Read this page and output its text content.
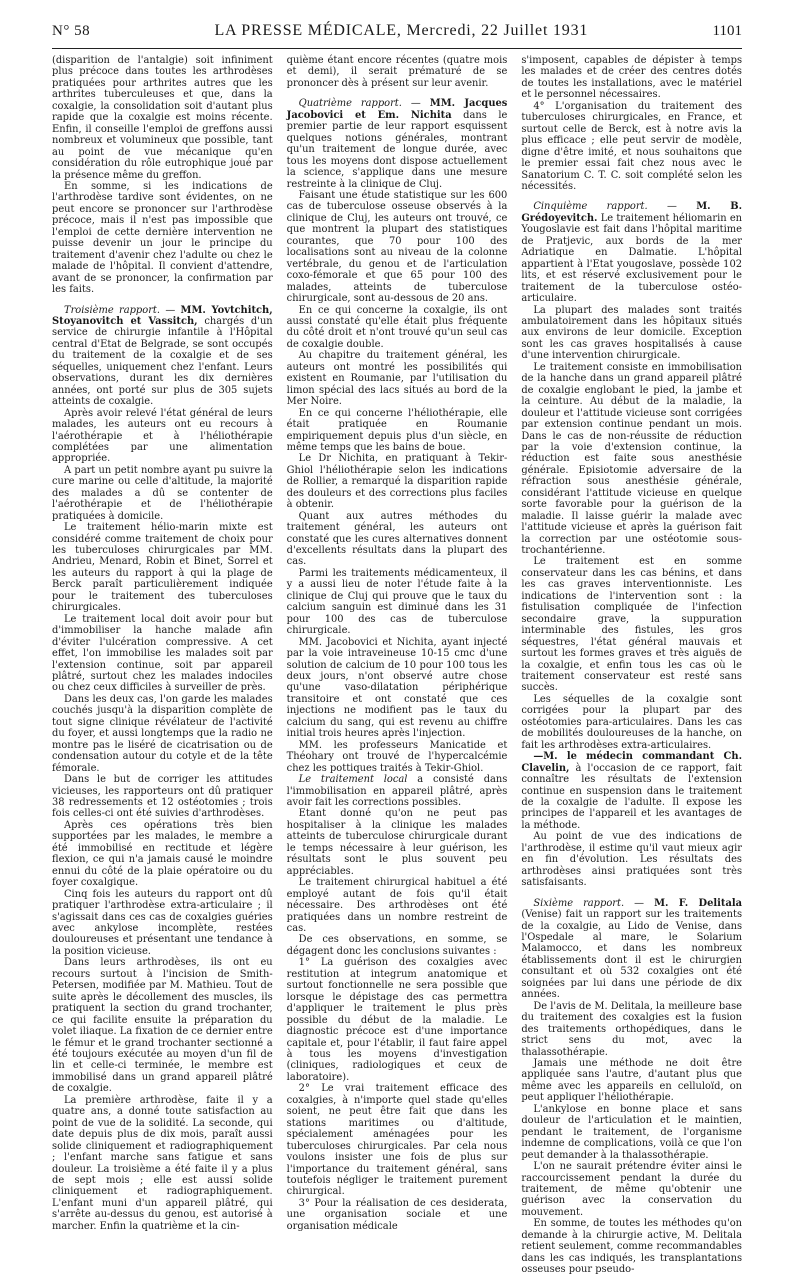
N° 58	LA PRESSE MÉDICALE, Mercredi, 22 Juillet 1931	1101

(disparition de l'antalgie) soit infiniment plus précoce dans toutes les arthrodèses pratiquées pour arthrites autres que les arthrites tuberculeuses et que, dans la coxalgie, la consolidation soit d'autant plus rapide que la coxalgie est moins récente. Enfin, il conseille l'emploi de greffons aussi nombreux et volumineux que possible, tant au point de vue mécanique qu'en considération du rôle eutrophique joué par la présence même du greffon.

En somme, si les indications de l'arthrodèse tardive sont évidentes, on ne peut encore se prononcer sur l'arthrodèse précoce, mais il n'est pas impossible que l'emploi de cette dernière intervention ne puisse devenir un jour le principe du traitement d'avenir chez l'adulte ou chez le malade de l'hôpital. Il convient d'attendre, avant de se prononcer, la confirmation par les faits.

Troisième rapport. — MM. Yovtchitch, Stoyanovitch et Vassitch, chargés d'un service de chirurgie infantile à l'Hôpital central d'Etat de Belgrade, se sont occupés du traitement de la coxalgie et de ses séquelles, uniquement chez l'enfant. Leurs observations, durant les dix dernières années, ont porté sur plus de 305 sujets atteints de coxalgie.

Après avoir relevé l'état général de leurs malades, les auteurs ont eu recours à l'aérothérapie et à l'héliothérapie complétées par une alimentation appropriée.

A part un petit nombre ayant pu suivre la cure marine ou celle d'altitude, la majorité des malades a dû se contenter de l'aérothérapie et de l'héliothérapie pratiquées à domicile.

Le traitement hélio-marin mixte est considéré comme traitement de choix pour les tuberculoses chirurgicales par MM. Andrieu, Menard, Robin et Binet, Sorrel et les auteurs du rapport à qui la plage de Berck paraît particulièrement indiquée pour le traitement des tuberculoses chirurgicales.

Le traitement local doit avoir pour but d'immobiliser la hanche malade afin d'éviter l'ulcération compressive. A cet effet, l'on immobilise les malades soit par l'extension continue, soit par appareil plâtré, surtout chez les malades indociles ou chez ceux difficiles à surveiller de près.

Dans les deux cas, l'on garde les malades couchés jusqu'à la disparition complète de tout signe clinique révélateur de l'activité du foyer, et aussi longtemps que la radio ne montre pas le liséré de cicatrisation ou de condensation autour du cotyle et de la tête fémorale.

Dans le but de corriger les attitudes vicieuses, les rapporteurs ont dû pratiquer 38 redressements et 12 ostéotomies ; trois fois celles-ci ont été suivies d'arthrodèses.

Après ces opérations très bien supportées par les malades, le membre a été immobilisé en rectitude et légère flexion, ce qui n'a jamais causé le moindre ennui du côté de la plaie opératoire ou du foyer coxalgique.

Cinq fois les auteurs du rapport ont dû pratiquer l'arthrodèse extra-articulaire ; il s'agissait dans ces cas de coxalgies guéries avec ankylose incomplète, restées douloureuses et présentant une tendance à la position vicieuse.

Dans leurs arthrodèses, ils ont eu recours surtout à l'incision de Smith-Petersen, modifiée par M. Mathieu. Tout de suite après le décollement des muscles, ils pratiquent la section du grand trochanter, ce qui facilite ensuite la préparation du volet iliaque. La fixation de ce dernier entre le fémur et le grand trochanter sectionné a été toujours exécutée au moyen d'un fil de lin et celle-ci terminée, le membre est immobilisé dans un grand appareil plâtré de coxalgie.

La première arthrodèse, faite il y a quatre ans, a donné toute satisfaction au point de vue de la solidité. La seconde, qui date depuis plus de dix mois, paraît aussi solide cliniquement et radiographiquement ; l'enfant marche sans fatigue et sans douleur. La troisième a été faite il y a plus de sept mois ; elle est aussi solide cliniquement et radiographiquement. L'enfant muni d'un appareil plâtré, qui s'arrête au-dessus du genou, est autorisé à marcher. Enfin la quatrième et la cin-

quième étant encore récentes (quatre mois et demi), il serait prématuré de se prononcer dès à présent sur leur avenir.

Quatrième rapport. — MM. Jacques Jacobovici et Em. Nichita dans le premier partie de leur rapport esquissent quelques notions générales, montrant qu'un traitement de longue durée, avec tous les moyens dont dispose actuellement la science, s'applique dans une mesure restreinte à la clinique de Cluj.

Faisant une étude statistique sur les 600 cas de tuberculose osseuse observés à la clinique de Cluj, les auteurs ont trouvé, ce que montrent la plupart des statistiques courantes, que 70 pour 100 des localisations sont au niveau de la colonne vertébrale, du genou et de l'articulation coxo-fémorale et que 65 pour 100 des malades, atteints de tuberculose chirurgicale, sont au-dessous de 20 ans.

En ce qui concerne la coxalgie, ils ont aussi constaté qu'elle était plus fréquente du côté droit et n'ont trouvé qu'un seul cas de coxalgie double.

Au chapitre du traitement général, les auteurs ont montré les possibilités qui existent en Roumanie, par l'utilisation du limon spécial des lacs situés au bord de la Mer Noire.

En ce qui concerne l'héliothérapie, elle était pratiquée en Roumanie empiriquement depuis plus d'un siècle, en même temps que les bains de boue.

Le Dr Nichita, en pratiquant à Tekir-Ghiol l'héliothérapie selon les indications de Rollier, a remarqué la disparition rapide des douleurs et des corrections plus faciles à obtenir.

Quant aux autres méthodes du traitement général, les auteurs ont constaté que les cures alternatives donnent d'excellents résultats dans la plupart des cas.

Parmi les traitements médicamenteux, il y a aussi lieu de noter l'étude faite à la clinique de Cluj qui prouve que le taux du calcium sanguin est diminué dans les 31 pour 100 des cas de tuberculose chirurgicale.

MM. Jacobovici et Nichita, ayant injecté par la voie intraveineuse 10-15 cmc d'une solution de calcium de 10 pour 100 tous les deux jours, n'ont observé autre chose qu'une vaso-dilatation périphérique transitoire et ont constaté que ces injections ne modifient pas le taux du calcium du sang, qui est revenu au chiffre initial trois heures après l'injection.

MM. les professeurs Manicatide et Théohary ont trouvé de l'hypercalcémie chez les pottiques traités à Tekir-Ghiol.

Le traitement local a consisté dans l'immobilisation en appareil plâtré, après avoir fait les corrections possibles.

Etant donné qu'on ne peut pas hospitaliser à la clinique les malades atteints de tuberculose chirurgicale durant le temps nécessaire à leur guérison, les résultats sont le plus souvent peu appréciables.

Le traitement chirurgical habituel a été employé autant de fois qu'il était nécessaire. Des arthrodèses ont été pratiquées dans un nombre restreint de cas.

De ces observations, en somme, se dégagent donc les conclusions suivantes :

1° La guérison des coxalgies avec restitution at integrum anatomique et surtout fonctionnelle ne sera possible que lorsque le dépistage des cas permettra d'appliquer le traitement le plus près possible du début de la maladie. Le diagnostic précoce est d'une importance capitale et, pour l'établir, il faut faire appel à tous les moyens d'investigation (cliniques, radiologiques et ceux de laboratoire).

2° Le vrai traitement efficace des coxalgies, à n'importe quel stade qu'elles soient, ne peut être fait que dans les stations maritimes ou d'altitude, spécialement aménagées pour les tuberculoses chirurgicales. Par cela nous voulons insister une fois de plus sur l'importance du traitement général, sans toutefois négliger le traitement purement chirurgical.

3° Pour la réalisation de ces desiderata, une organisation sociale et une organisation médicale

s'imposent, capables de dépister à temps les malades et de créer des centres dotés de toutes les installations, avec le matériel et le personnel nécessaires.

4° L'organisation du traitement des tuberculoses chirurgicales, en France, et surtout celle de Berck, est à notre avis la plus efficace ; elle peut servir de modèle, digne d'être imité, et nous souhaitons que le premier essai fait chez nous avec le Sanatorium C. T. C. soit complété selon les nécessités.

Cinquième rapport. — M. B. Grédoyevitch. Le traitement héliomarin en Yougoslavie est fait dans l'hôpital maritime de Pratjevic, aux bords de la mer Adriatique en Dalmatie. L'hôpital appartient à l'Etat yougoslave, possède 102 lits, et est réservé exclusivement pour le traitement de la tuberculose ostéo-articulaire.

La plupart des malades sont traités ambulatoirement dans les hôpitaux situés aux environs de leur domicile. Exception sont les cas graves hospitalisés à cause d'une intervention chirurgicale.

Le traitement consiste en immobilisation de la hanche dans un grand appareil plâtré de coxalgie englobant le pied, la jambe et la ceinture. Au début de la maladie, la douleur et l'attitude vicieuse sont corrigées par extension continue pendant un mois. Dans le cas de non-réussite de réduction par la voie d'extension continue, la réduction est faite sous anesthésie générale. Episiotomie adversaire de la réfraction sous anesthésie générale, considérant l'attitude vicieuse en quelque sorte favorable pour la guérison de la maladie. Il laisse guérir la malade avec l'attitude vicieuse et après la guérison fait la correction par une ostéotomie sous-trochantérienne.

Le traitement est en somme conservateur dans les cas bénins, et dans les cas graves interventionniste. Les indications de l'intervention sont : la fistulisation compliquée de l'infection secondaire grave, la suppuration interminable des fistules, les gros séquestres, l'état général mauvais et surtout les formes graves et très aiguës de la coxalgie, et enfin tous les cas où le traitement conservateur est resté sans succès.

Les séquelles de la coxalgie sont corrigées pour la plupart par des ostéotomies para-articulaires. Dans les cas de mobilités douloureuses de la hanche, on fait les arthrodèses extra-articulaires.

—M. le médecin commandant Ch. Clavelin, à l'occasion de ce rapport, fait connaître les résultats de l'extension continue en suspension dans le traitement de la coxalgie de l'adulte. Il expose les principes de l'appareil et les avantages de la méthode.

Au point de vue des indications de l'arthrodèse, il estime qu'il vaut mieux agir en fin d'évolution. Les résultats des arthrodèses ainsi pratiquées sont très satisfaisants.

Sixième rapport. — M. F. Delitala (Venise) fait un rapport sur les traitements de la coxalgie, au Lido de Venise, dans l'Ospedale al mare, le Solarium Malamocco, et dans les nombreux établissements dont il est le chirurgien consultant et où 532 coxalgies ont été soignées par lui dans une période de dix années.

De l'avis de M. Delitala, la meilleure base du traitement des coxalgies est la fusion des traitements orthopédiques, dans le strict sens du mot, avec la thalassothérapie.

Jamais une méthode ne doit être appliquée sans l'autre, d'autant plus que même avec les appareils en celluloïd, on peut appliquer l'héliothérapie.

L'ankylose en bonne place et sans douleur de l'articulation et le maintien, pendant le traitement, de l'organisme indemne de complications, voilà ce que l'on peut demander à la thalassothérapie.

L'on ne saurait prétendre éviter ainsi le raccourcissement pendant la durée du traitement, de même qu'obtenir une guérison avec la conservation du mouvement.

En somme, de toutes les méthodes qu'on demande à la chirurgie active, M. Delitala retient seulement, comme recommandables dans les cas indiqués, les transplantations osseuses pour pseudo-
